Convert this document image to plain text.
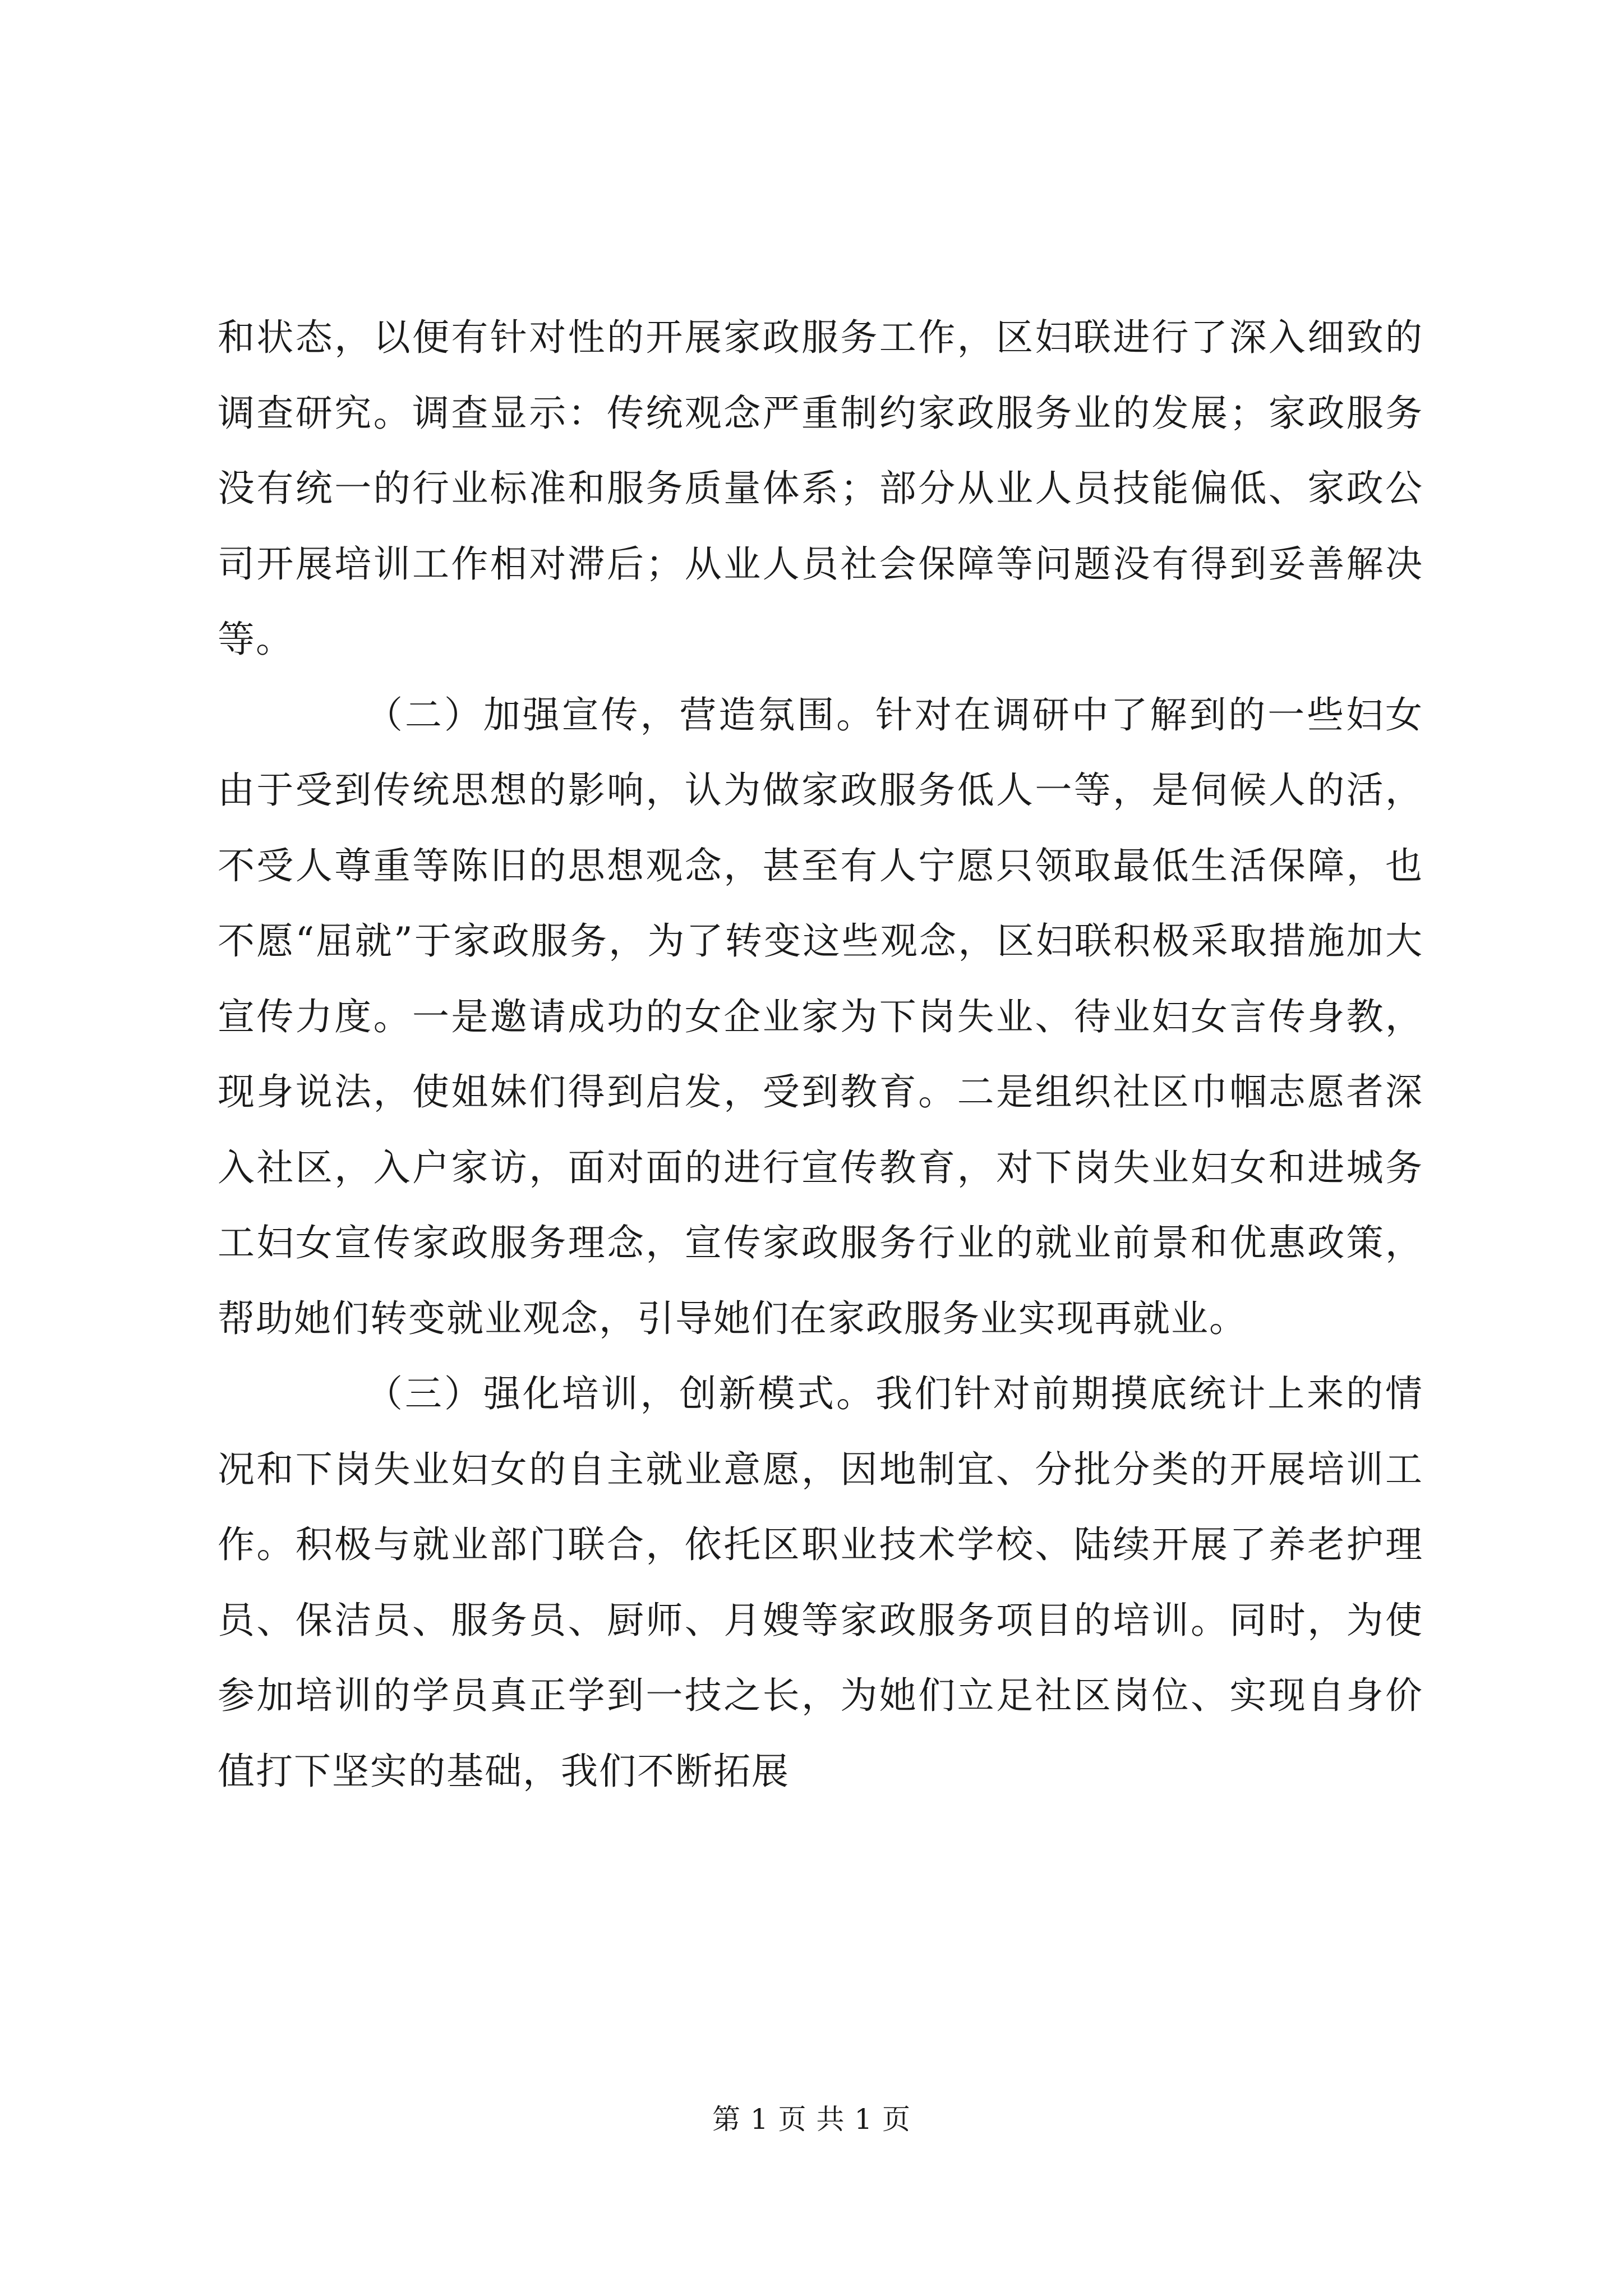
和状态，以便有针对性的开展家政服务工作，区妇联进行了深入细致的调查研究。调查显示：传统观念严重制约家政服务业的发展；家政服务没有统一的行业标准和服务质量体系；部分从业人员技能偏低、家政公司开展培训工作相对滞后；从业人员社会保障等问题没有得到妥善解决等。

（二）加强宣传，营造氛围。针对在调研中了解到的一些妇女由于受到传统思想的影响，认为做家政服务低人一等，是伺候人的活，不受人尊重等陈旧的思想观念，甚至有人宁愿只领取最低生活保障，也不愿“屈就”于家政服务，为了转变这些观念，区妇联积极采取措施加大宣传力度。一是邀请成功的女企业家为下岗失业、待业妇女言传身教，现身说法，使姐妹们得到启发，受到教育。二是组织社区巾帼志愿者深入社区，入户家访，面对面的进行宣传教育，对下岗失业妇女和进城务工妇女宣传家政服务理念，宣传家政服务行业的就业前景和优惠政策，帮助她们转变就业观念，引导她们在家政服务业实现再就业。

（三）强化培训，创新模式。我们针对前期摸底统计上来的情况和下岗失业妇女的自主就业意愿，因地制宜、分批分类的开展培训工作。积极与就业部门联合，依托区职业技术学校、陆续开展了养老护理员、保洁员、服务员、厨师、月嫂等家政服务项目的培训。同时，为使参加培训的学员真正学到一技之长，为她们立足社区岗位、实现自身价值打下坚实的基础，我们不断拓展

第 1 页 共 1 页
